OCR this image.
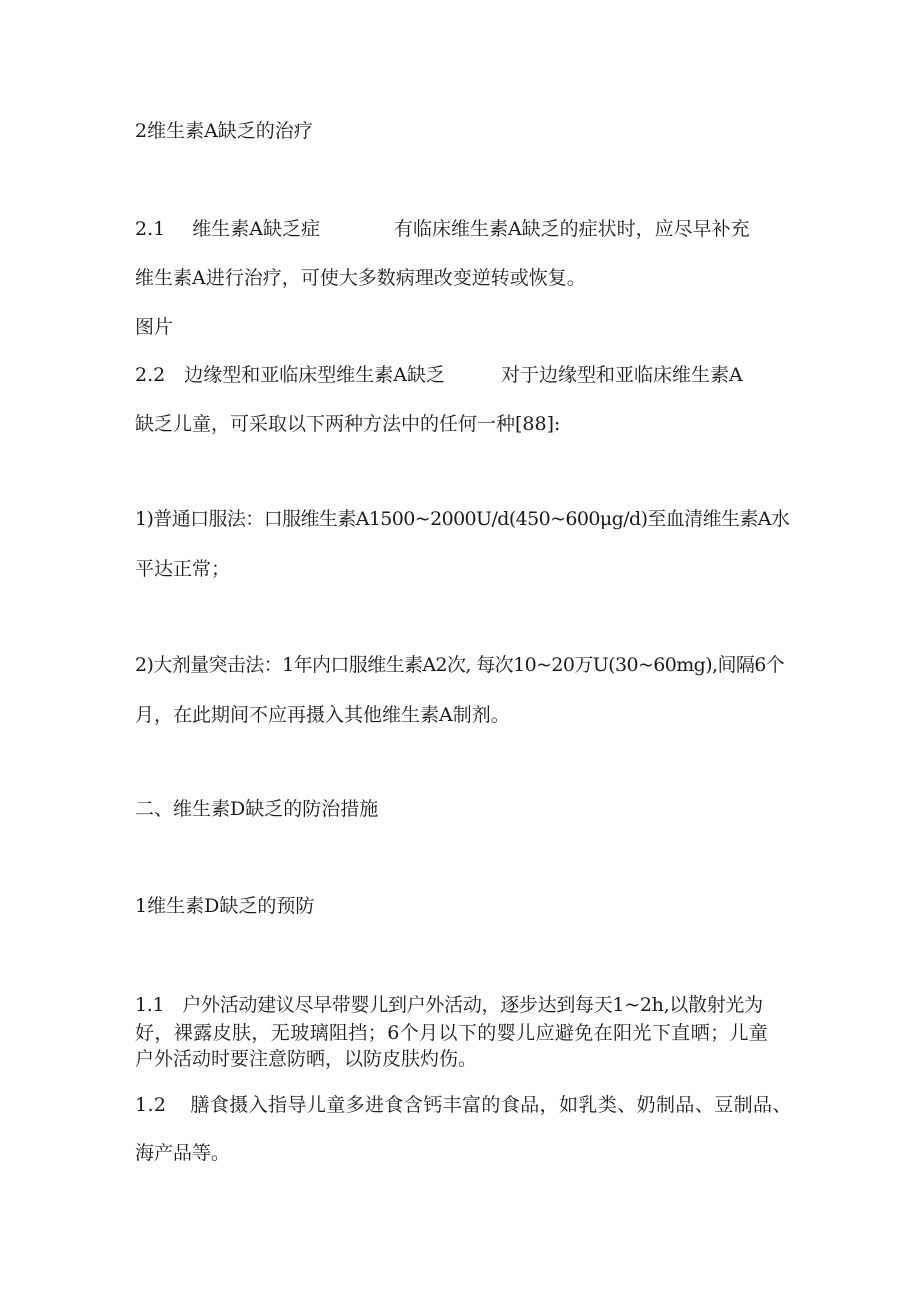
2维生素A缺乏的治疗
2.1 维生素A缺乏症	有临床维生素A缺乏的症状时，应尽早补充
维生素A进行治疗，可使大多数病理改变逆转或恢复。
图片
2.2 边缘型和亚临床型维生素A缺乏	对于边缘型和亚临床维生素A
缺乏儿童，可采取以下两种方法中的任何一种[88]:
1)普通口服法：口服维生素A1500~2000U/d(450~600μg/d)至血清维生素A水
平达正常；
2)大剂量突击法：1年内口服维生素A2次, 每次10~20万U(30~60mg),间隔6个
月，在此期间不应再摄入其他维生素A制剂。
二、维生素D缺乏的防治措施
1维生素D缺乏的预防
1.1 户外活动建议尽早带婴儿到户外活动，逐步达到每天1~2h,以散射光为
好，裸露皮肤，无玻璃阻挡；6个月以下的婴儿应避免在阳光下直晒；儿童
户外活动时要注意防晒，以防皮肤灼伤。
1.2 膳食摄入指导儿童多进食含钙丰富的食品，如乳类、奶制品、豆制品、
海产品等。
